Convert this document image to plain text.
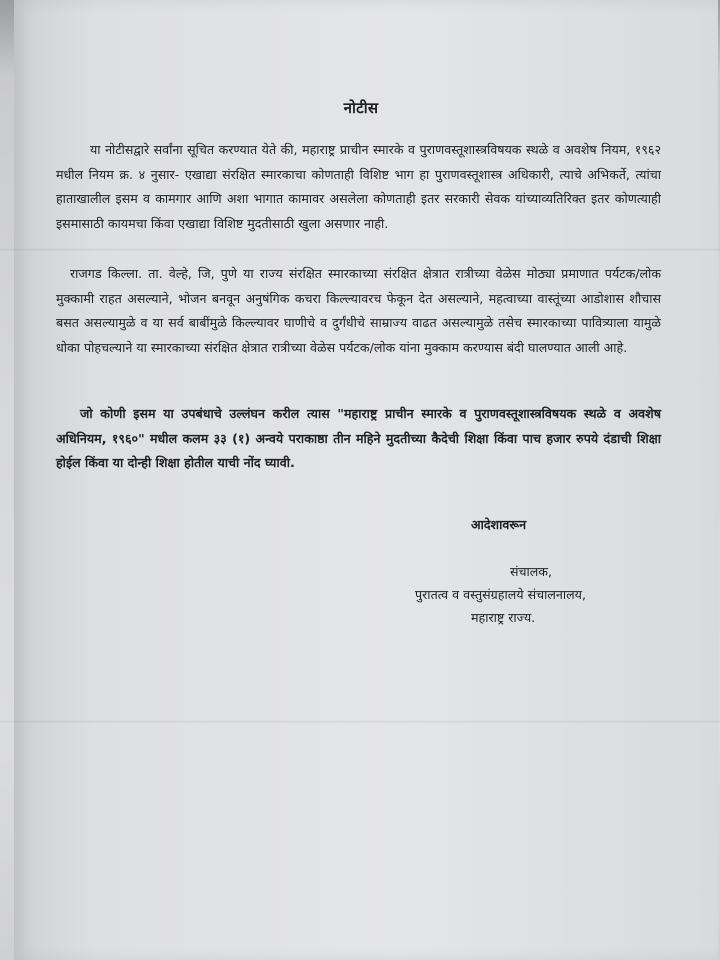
नोटीस

या नोटीसद्वारे सर्वांना सूचित करण्यात येते की, महाराष्ट्र प्राचीन स्मारके व पुराणवस्तूशास्त्रविषयक स्थळे व अवशेष नियम, १९६२ मधील नियम क्र. ४ नुसार- एखाद्या संरक्षित स्मारकाचा कोणताही विशिष्ट भाग हा पुराणवस्तूशास्त्र अधिकारी, त्याचे अभिकर्ते, त्यांचा हाताखालील इसम व कामगार आणि अशा भागात कामावर असलेला कोणताही इतर सरकारी सेवक यांच्याव्यतिरिक्त इतर कोणत्याही इसमासाठी कायमचा किंवा एखाद्या विशिष्ट मुदतीसाठी खुला असणार नाही.

राजगड किल्ला. ता. वेल्हे, जि, पुणे या राज्य संरक्षित स्मारकाच्या संरक्षित क्षेत्रात रात्रीच्या वेळेस मोठ्या प्रमाणात पर्यटक/लोक मुक्कामी राहत असल्याने, भोजन बनवून अनुषंगिक कचरा किल्ल्यावरच फेकून देत असल्याने, महत्वाच्या वास्तूंच्या आडोशास शौचास बसत असल्यामुळे व या सर्व बाबींमुळे किल्ल्यावर घाणीचे व दुर्गंधीचे साम्राज्य वाढत असल्यामुळे तसेच स्मारकाच्या पावित्र्याला यामुळे धोका पोहचल्याने या स्मारकाच्या संरक्षित क्षेत्रात रात्रीच्या वेळेस पर्यटक/लोक यांना मुक्काम करण्यास बंदी घालण्यात आली आहे.

जो कोणी इसम या उपबंधाचे उल्लंघन करील त्यास "महाराष्ट्र प्राचीन स्मारके व पुराणवस्तूशास्त्रविषयक स्थळे व अवशेष अधिनियम, १९६०" मधील कलम ३३ (१) अन्वये पराकाष्ठा तीन महिने मुदतीच्या कैदेची शिक्षा किंवा पाच हजार रुपये दंडाची शिक्षा होईल किंवा या दोन्ही शिक्षा होतील याची नोंद घ्यावी.

आदेशावरून
संचालक,
पुरातत्व व वस्तुसंग्रहालये संचालनालय,
महाराष्ट्र राज्य.
